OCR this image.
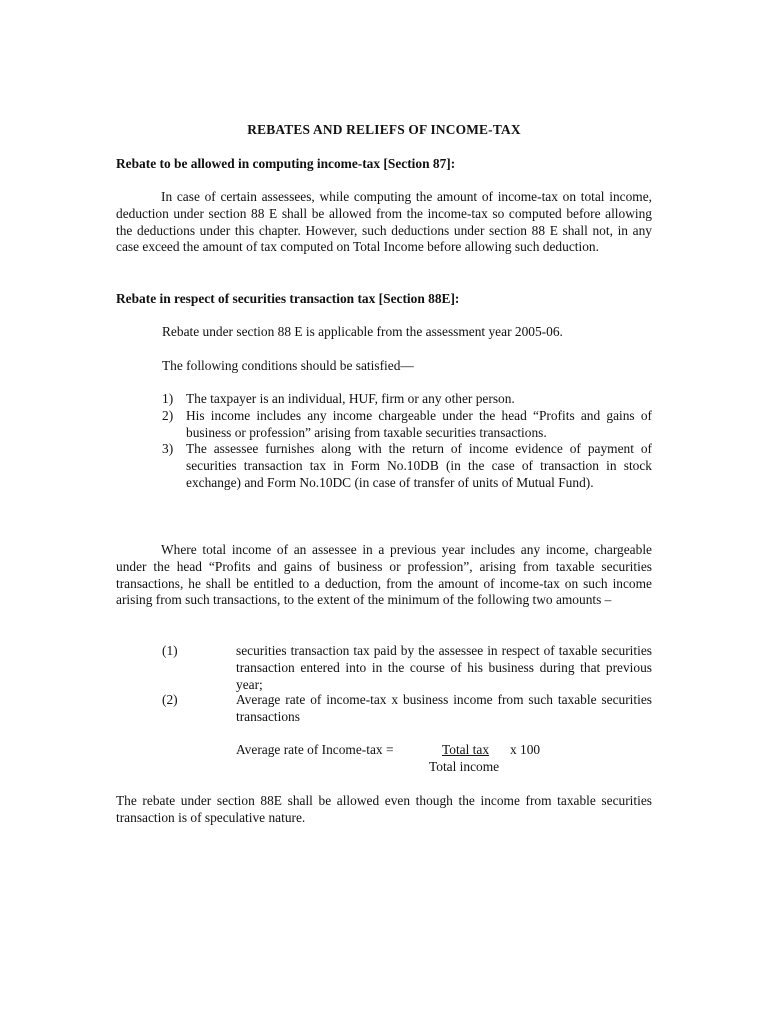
REBATES AND RELIEFS OF INCOME-TAX
Rebate to be allowed in computing income-tax [Section 87]:
In case of certain assessees, while computing the amount of income-tax on total income, deduction under section 88 E shall be allowed from the income-tax so computed before allowing the deductions under this chapter. However, such deductions under section 88 E shall not, in any case exceed the amount of tax computed on Total Income before allowing such deduction.
Rebate in respect of securities transaction tax [Section 88E]:
Rebate under section 88 E is applicable from the assessment year 2005-06.
The following conditions should be satisfied—
1) The taxpayer is an individual, HUF, firm or any other person.
2) His income includes any income chargeable under the head “Profits and gains of business or profession” arising from taxable securities transactions.
3) The assessee furnishes along with the return of income evidence of payment of securities transaction tax in Form No.10DB (in the case of transaction in stock exchange) and Form No.10DC (in case of transfer of units of Mutual Fund).
Where total income of an assessee in a previous year includes any income, chargeable under the head “Profits and gains of business or profession”, arising from taxable securities transactions, he shall be entitled to a deduction, from the amount of income-tax on such income arising from such transactions, to the extent of the minimum of the following two amounts –
(1)	securities transaction tax paid by the assessee in respect of taxable securities transaction entered into in the course of his business during that previous year;
(2)	Average rate of income-tax x business income from such taxable securities transactions
Average rate of Income-tax =	Total tax x 100
Total income
The rebate under section 88E shall be allowed even though the income from taxable securities transaction is of speculative nature.
